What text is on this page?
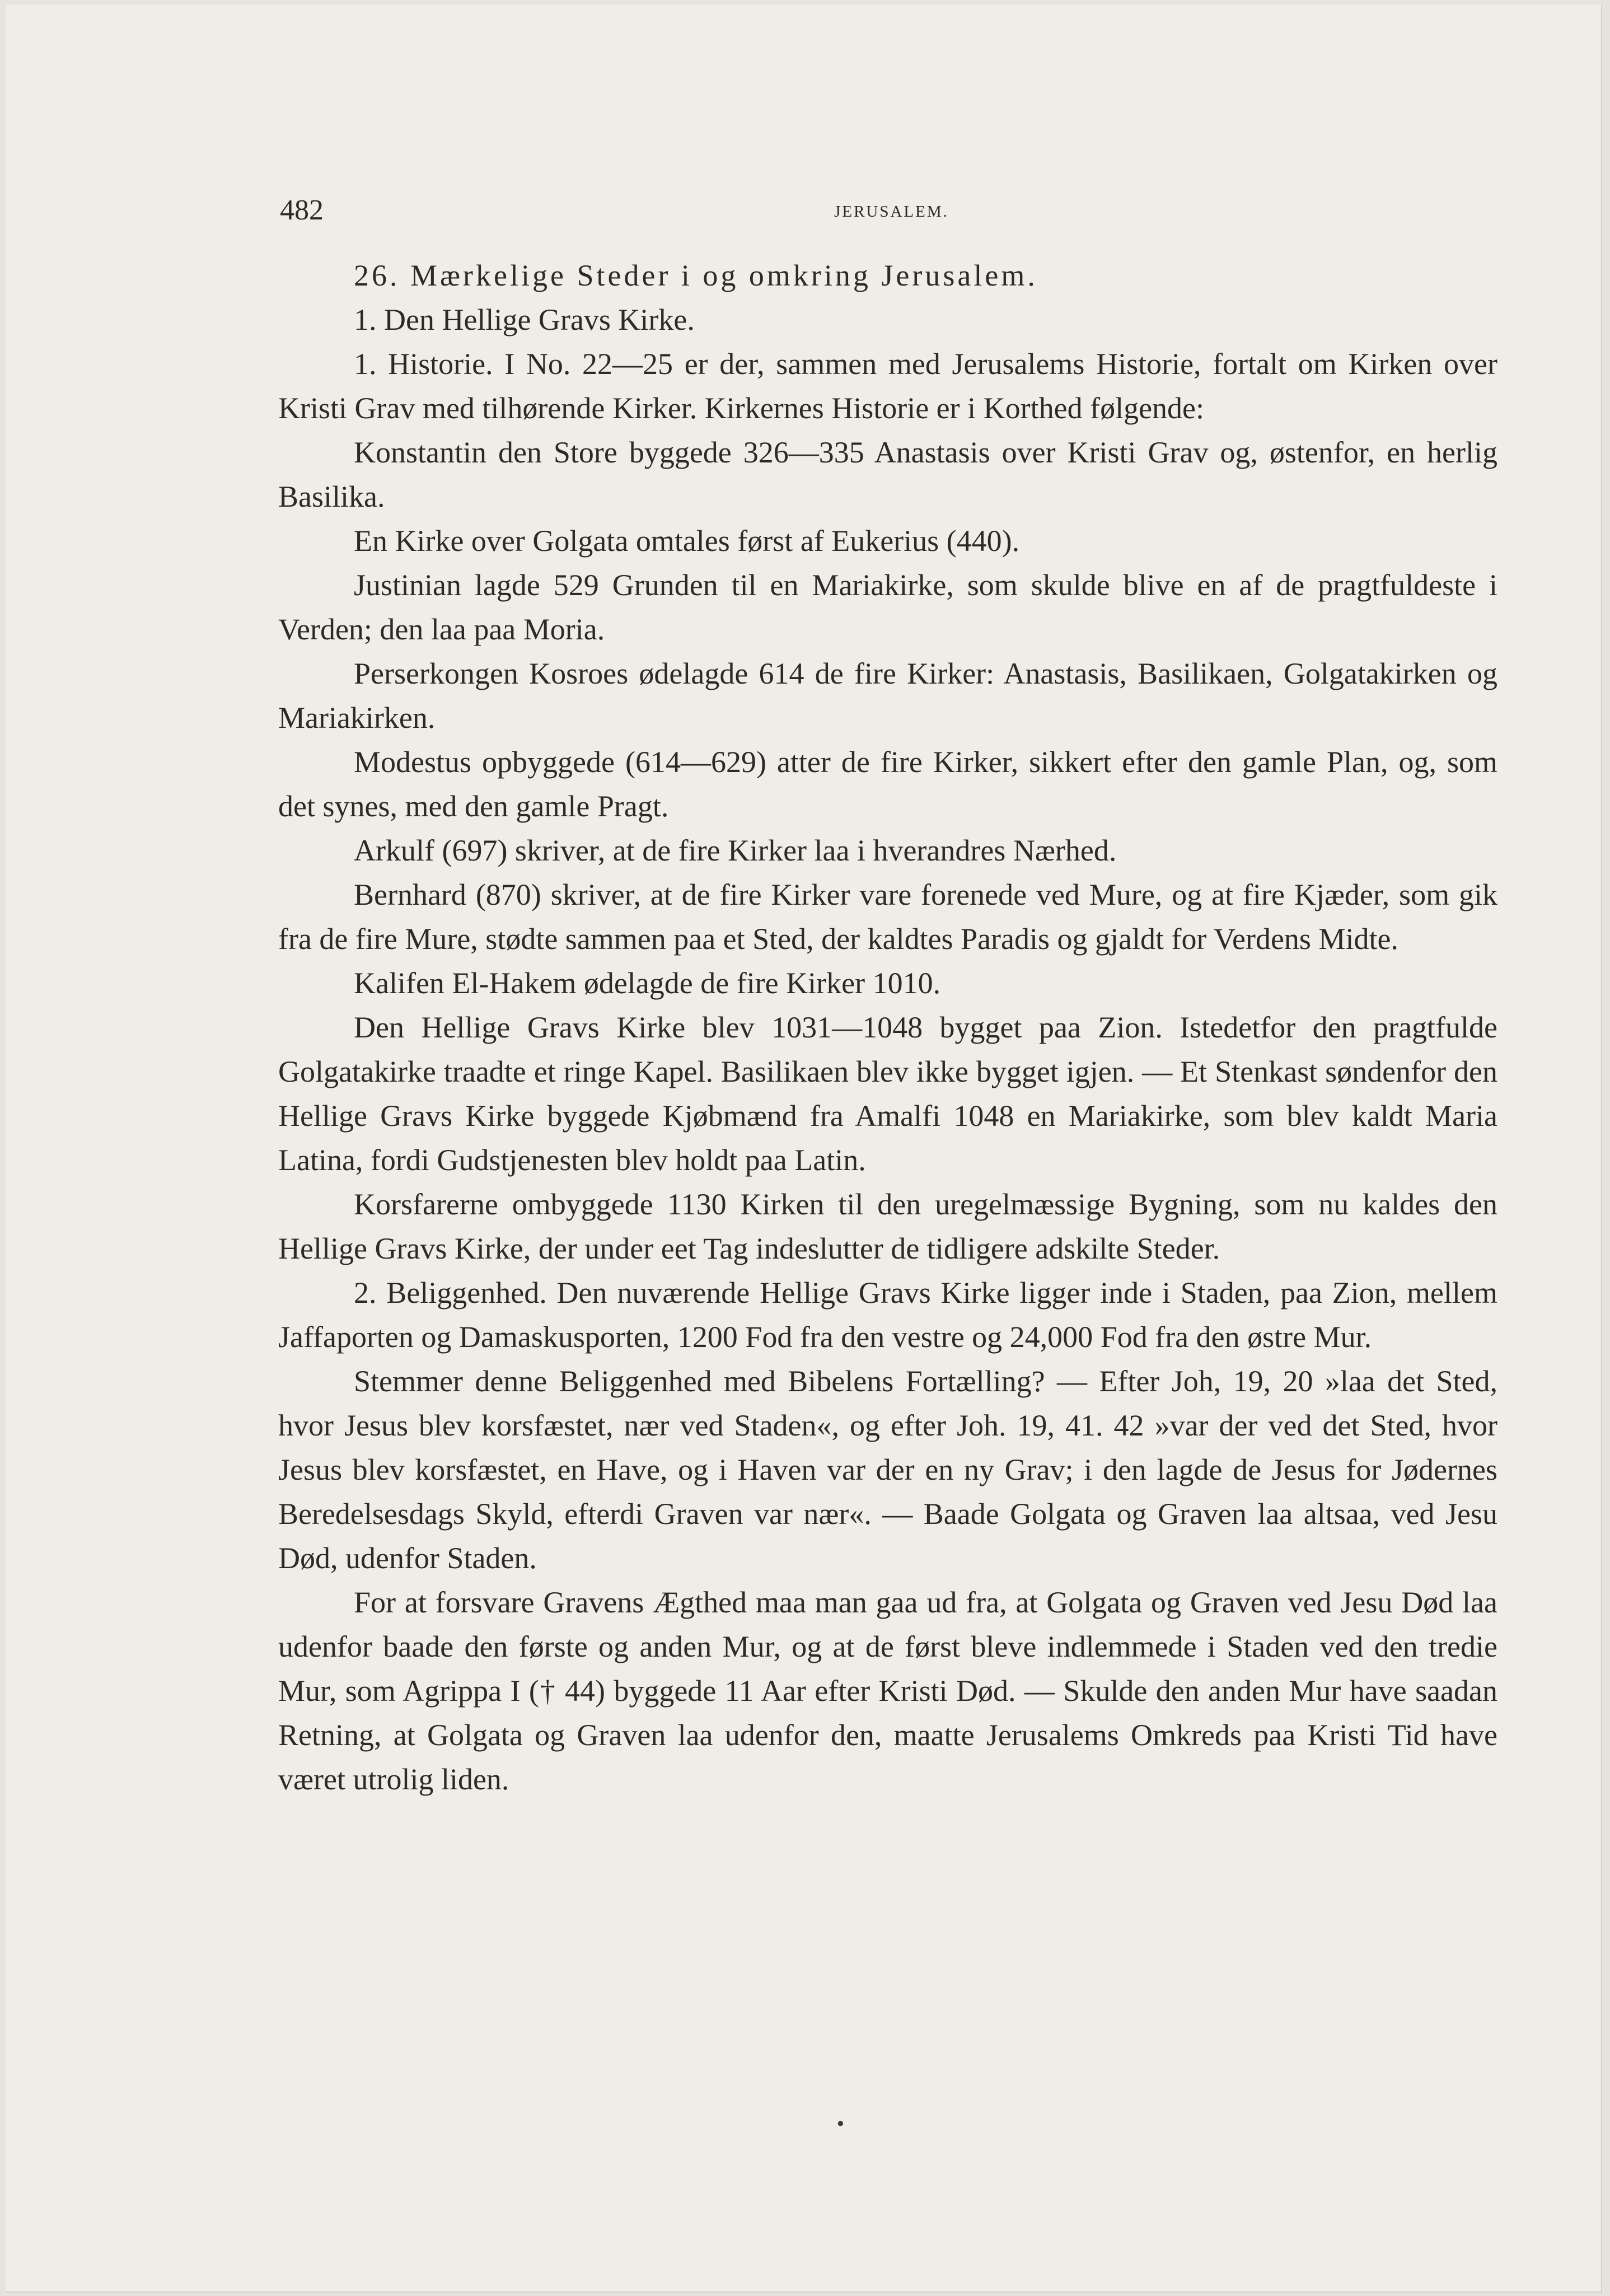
482	JERUSALEM.

26. Mærkelige Steder i og omkring Jerusalem.

1. Den Hellige Gravs Kirke.

1. Historie. I No. 22—25 er der, sammen med Jerusalems Historie, fortalt om Kirken over Kristi Grav med tilhørende Kirker. Kirkernes Historie er i Korthed følgende:

Konstantin den Store byggede 326—335 Anastasis over Kristi Grav og, østenfor, en herlig Basilika.

En Kirke over Golgata omtales først af Eukerius (440).

Justinian lagde 529 Grunden til en Mariakirke, som skulde blive en af de pragtfuldeste i Verden; den laa paa Moria.

Perserkongen Kosroes ødelagde 614 de fire Kirker: Anastasis, Basilikaen, Golgatakirken og Mariakirken.

Modestus opbyggede (614—629) atter de fire Kirker, sikkert efter den gamle Plan, og, som det synes, med den gamle Pragt.

Arkulf (697) skriver, at de fire Kirker laa i hverandres Nærhed.

Bernhard (870) skriver, at de fire Kirker vare forenede ved Mure, og at fire Kjæder, som gik fra de fire Mure, stødte sammen paa et Sted, der kaldtes Paradis og gjaldt for Verdens Midte.

Kalifen El-Hakem ødelagde de fire Kirker 1010.

Den Hellige Gravs Kirke blev 1031—1048 bygget paa Zion. Istedetfor den pragtfulde Golgatakirke traadte et ringe Kapel. Basilikaen blev ikke bygget igjen. — Et Stenkast søndenfor den Hellige Gravs Kirke byggede Kjøbmænd fra Amalfi 1048 en Mariakirke, som blev kaldt Maria Latina, fordi Gudstjenesten blev holdt paa Latin.

Korsfarerne ombyggede 1130 Kirken til den uregelmæssige Bygning, som nu kaldes den Hellige Gravs Kirke, der under eet Tag indeslutter de tidligere adskilte Steder.

2. Beliggenhed. Den nuværende Hellige Gravs Kirke ligger inde i Staden, paa Zion, mellem Jaffaporten og Damaskusporten, 1200 Fod fra den vestre og 24,000 Fod fra den østre Mur.

Stemmer denne Beliggenhed med Bibelens Fortælling? — Efter Joh, 19, 20 »laa det Sted, hvor Jesus blev korsfæstet, nær ved Staden«, og efter Joh. 19, 41. 42 »var der ved det Sted, hvor Jesus blev korsfæstet, en Have, og i Haven var der en ny Grav; i den lagde de Jesus for Jødernes Beredelsesdags Skyld, efterdi Graven var nær«. — Baade Golgata og Graven laa altsaa, ved Jesu Død, udenfor Staden.

For at forsvare Gravens Ægthed maa man gaa ud fra, at Golgata og Graven ved Jesu Død laa udenfor baade den første og anden Mur, og at de først bleve indlemmede i Staden ved den tredie Mur, som Agrippa I († 44) byggede 11 Aar efter Kristi Død. — Skulde den anden Mur have saadan Retning, at Golgata og Graven laa udenfor den, maatte Jerusalems Omkreds paa Kristi Tid have været utrolig liden.

•
